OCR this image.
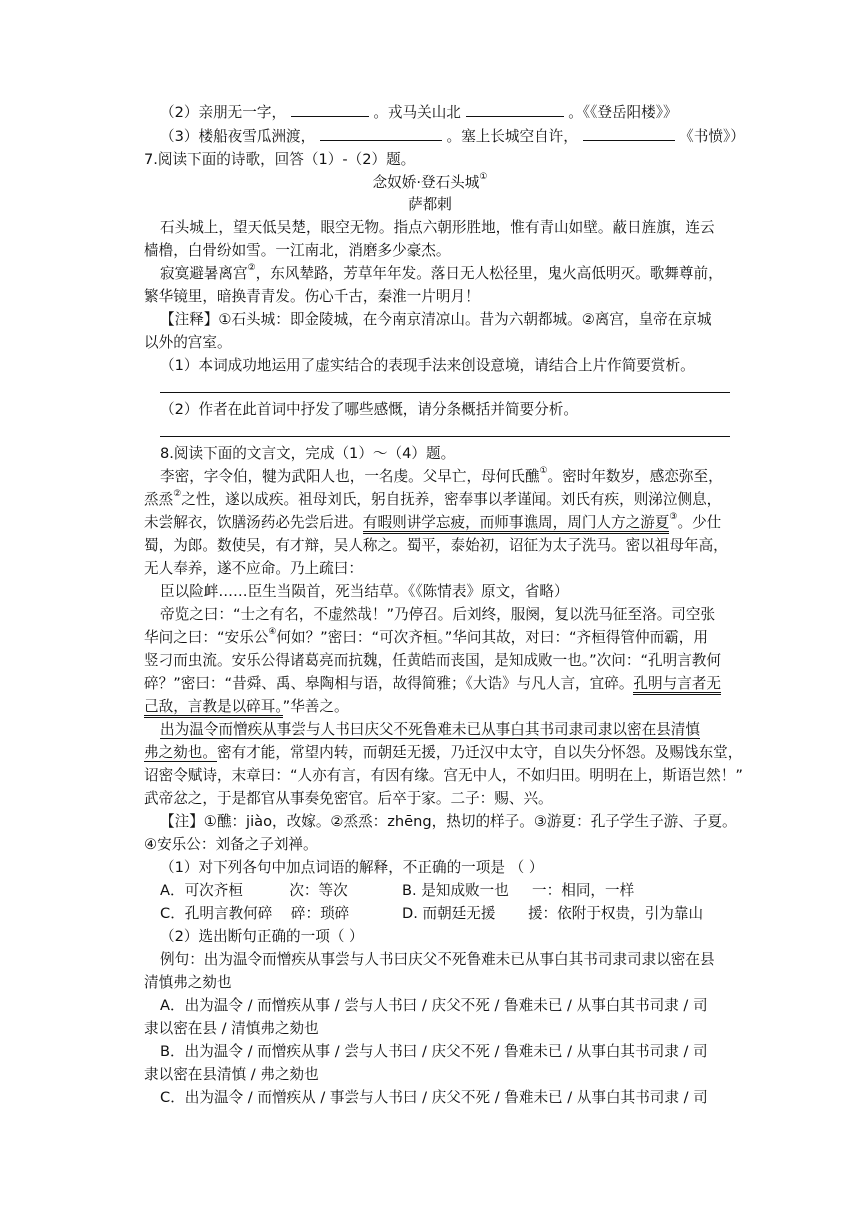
（2）亲朋无一字，	。戎马关山北	。《《登岳阳楼》》
（3）楼船夜雪瓜洲渡，	。塞上长城空自许，	《书愤》）
7.阅读下面的诗歌，回答（1）-（2）题。
念奴娇·登石头城①
萨都剌
石头城上，望天低吴楚，眼空无物。指点六朝形胜地，惟有青山如壁。蔽日旌旗，连云
樯橹，白骨纷如雪。一江南北，消磨多少豪杰。
寂寞避暑离宫②，东风辇路，芳草年年发。落日无人松径里，鬼火高低明灭。歌舞尊前，
繁华镜里，暗换青青发。伤心千古，秦淮一片明月！
【注释】①石头城：即金陵城，在今南京清凉山。昔为六朝都城。②离宫，皇帝在京城
以外的宫室。
（1）本词成功地运用了虚实结合的表现手法来创设意境，请结合上片作简要赏析。
（2）作者在此首词中抒发了哪些感慨，请分条概括并简要分析。
8.阅读下面的文言文，完成（1）～（4）题。
李密，字令伯，犍为武阳人也，一名虔。父早亡，母何氏醮①。密时年数岁，感恋弥至，
烝烝②之性，遂以成疾。祖母刘氏，躬自抚养，密奉事以孝谨闻。刘氏有疾，则涕泣侧息，
未尝解衣，饮膳汤药必先尝后进。有暇则讲学忘疲，而师事谯周，周门人方之游夏③。少仕
蜀，为郎。数使吴，有才辩，吴人称之。蜀平，泰始初，诏征为太子洗马。密以祖母年高，
无人奉养，遂不应命。乃上疏曰：
臣以险衅……臣生当陨首，死当结草。《《陈情表》原文，省略）
帝览之曰：“士之有名，不虚然哉！”乃停召。后刘终，服阕，复以洗马征至洛。司空张
华问之曰：“安乐公④何如？”密曰：“可次齐桓。”华问其故，对曰：“齐桓得管仲而霸，用
竖刁而虫流。安乐公得诸葛亮而抗魏，任黄皓而丧国，是知成败一也。”次问：“孔明言教何
碎？”密曰：“昔舜、禹、皋陶相与语，故得简雅；《大诰》与凡人言，宜碎。孔明与言者无
己敌，言教是以碎耳。”华善之。
出为温令而憎疾从事尝与人书曰庆父不死鲁难未已从事白其书司隶司隶以密在县清慎
弗之劾也。密有才能，常望内转，而朝廷无援，乃迁汉中太守，自以失分怀怨。及赐饯东堂，
诏密令赋诗，末章曰：“人亦有言，有因有缘。宫无中人，不如归田。明明在上，斯语岂然！”
武帝忿之，于是都官从事奏免密官。后卒于家。二子：赐、兴。
【注】①醮：jiào，改嫁。②烝烝：zhēng，热切的样子。③游夏：孔子学生子游、子夏。
④安乐公：刘备之子刘禅。
（1）对下列各句中加点词语的解释，不正确的一项是 （ ）
A．可次齐桓          次：等次	B. 是知成败一也     一：相同，一样
C．孔明言教何碎    碎：琐碎	D. 而朝廷无援       援：依附于权贵，引为靠山
（2）选出断句正确的一项（ ）
例句：出为温令而憎疾从事尝与人书曰庆父不死鲁难未已从事白其书司隶司隶以密在县
清慎弗之劾也
A．出为温令 / 而憎疾从事 / 尝与人书曰 / 庆父不死 / 鲁难未已 / 从事白其书司隶 / 司
隶以密在县 / 清慎弗之劾也
B．出为温令 / 而憎疾从事 / 尝与人书曰 / 庆父不死 / 鲁难未已 / 从事白其书司隶 / 司
隶以密在县清慎 / 弗之劾也
C．出为温令 / 而憎疾从 / 事尝与人书曰 / 庆父不死 / 鲁难未已 / 从事白其书司隶 / 司
